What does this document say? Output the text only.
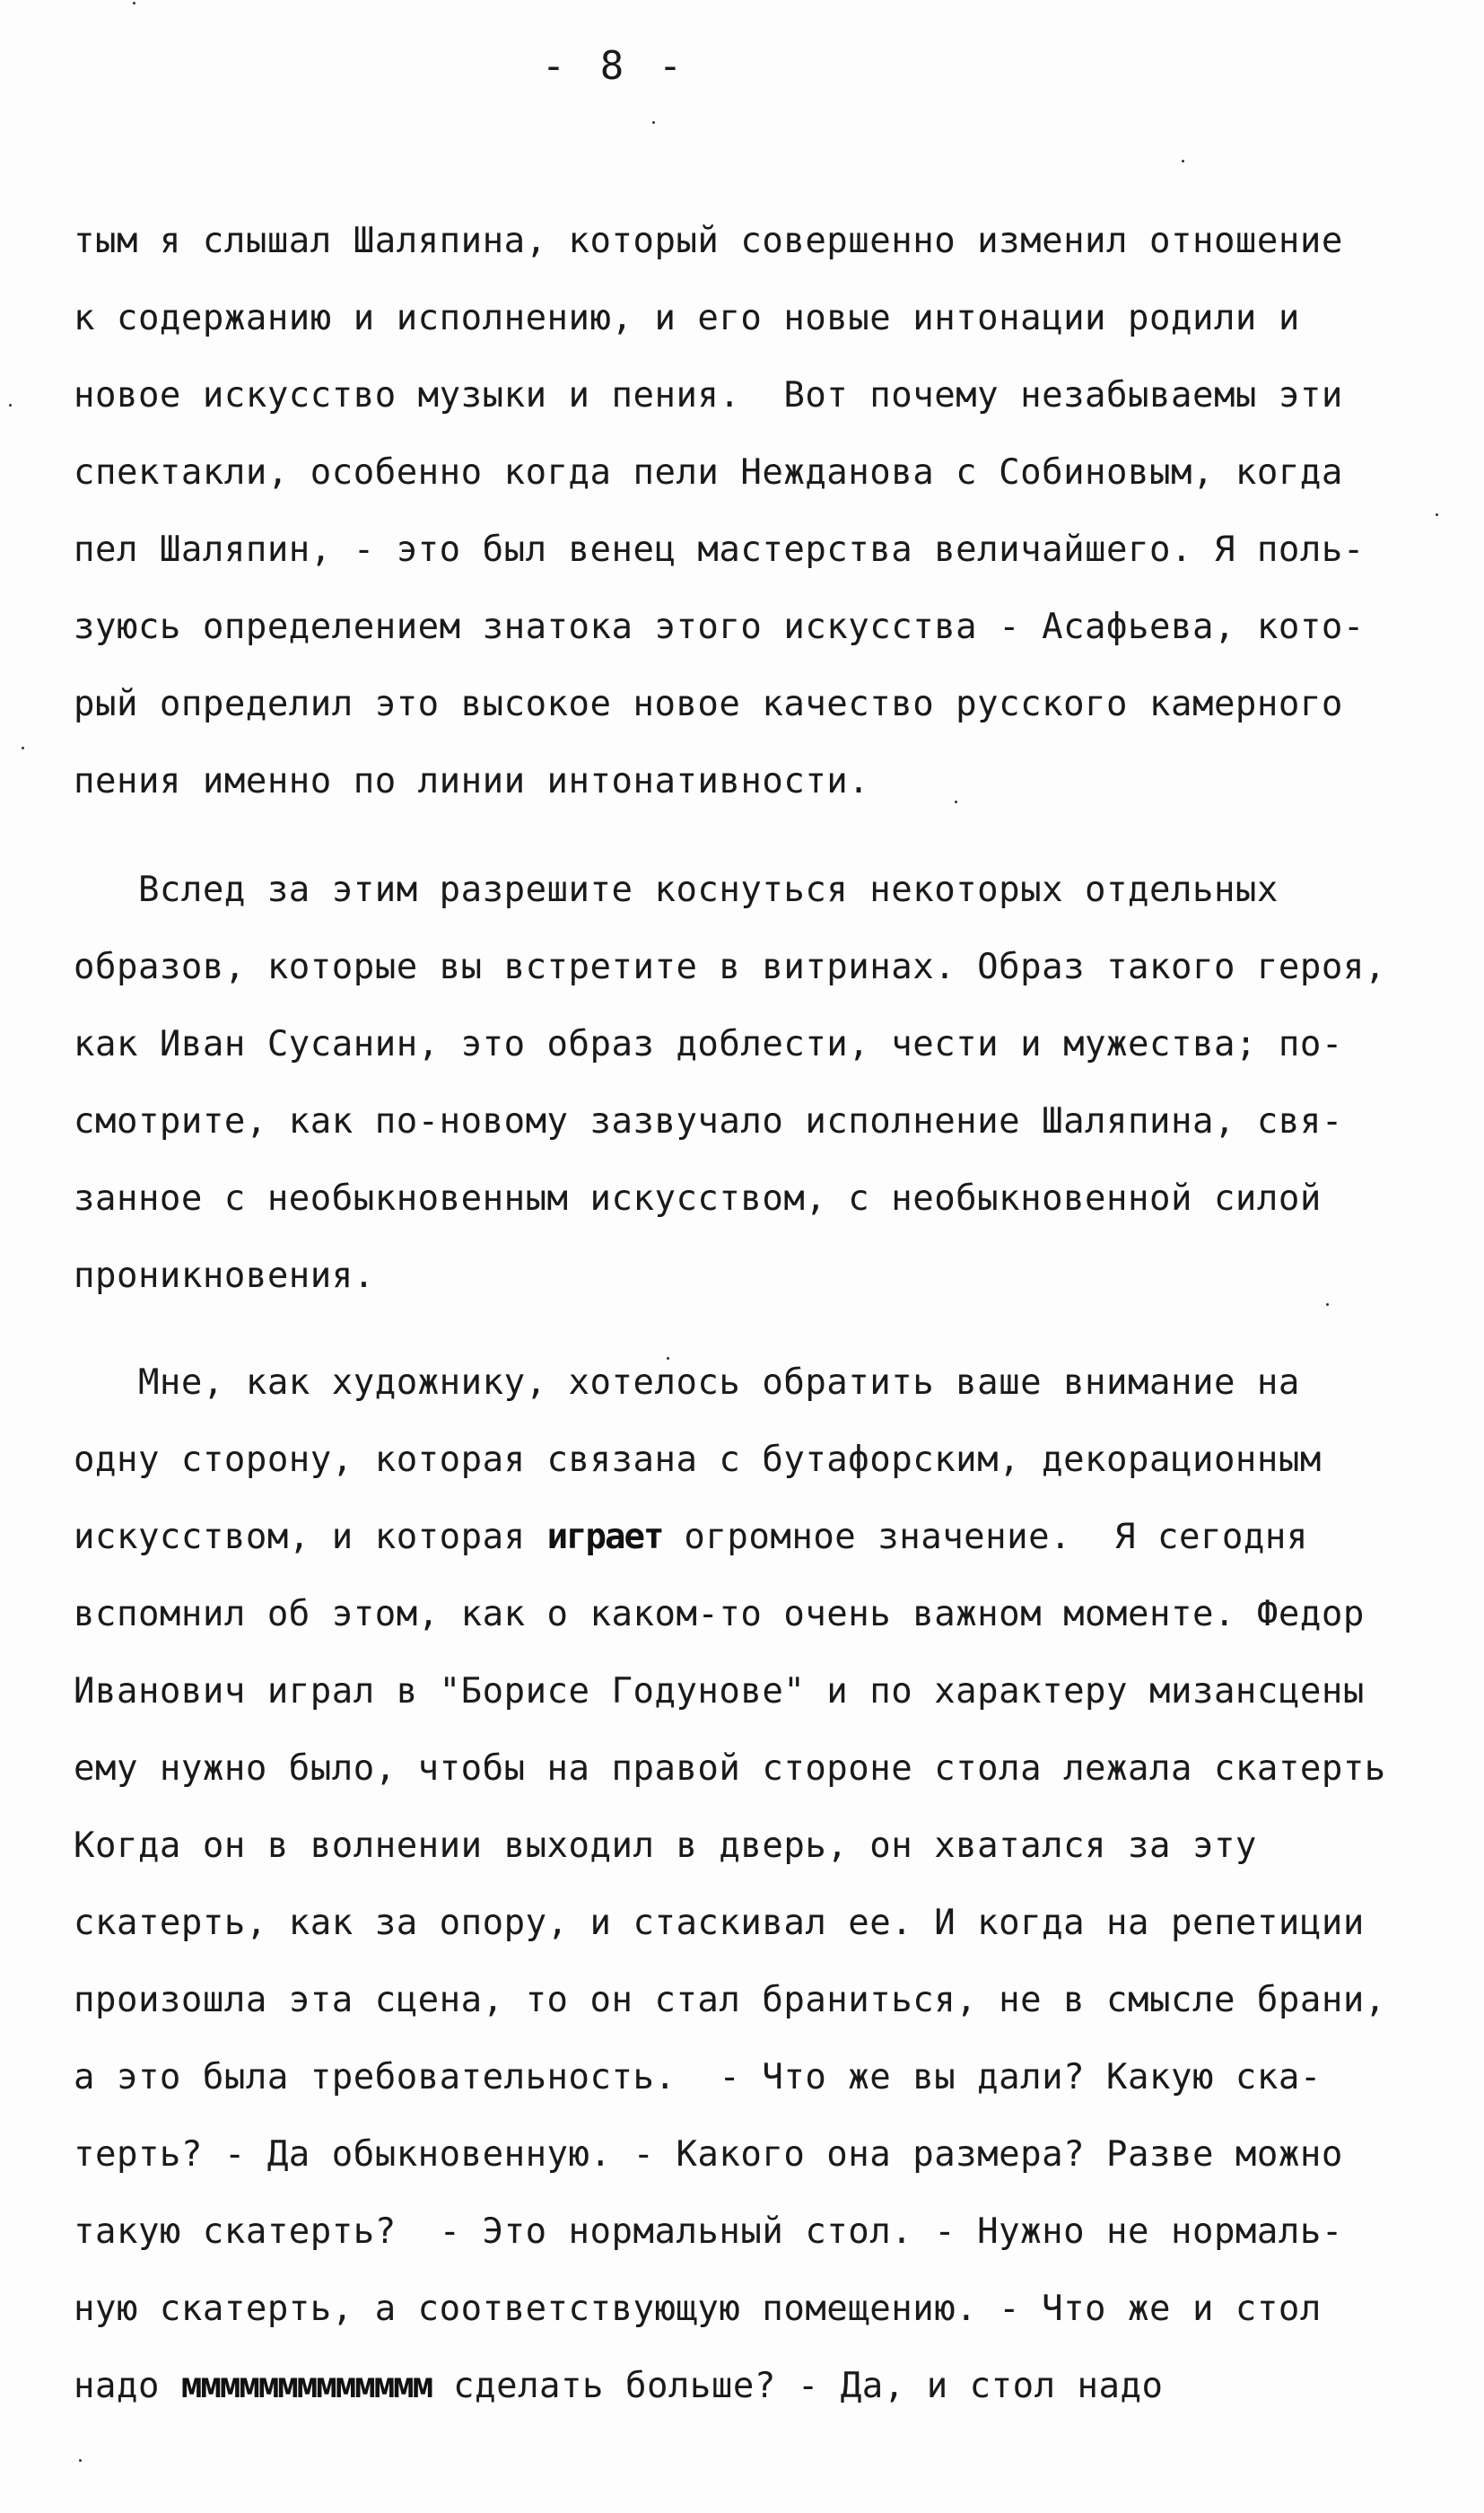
- 8 -
тым я слышал Шаляпина, который совершенно изменил отношение
к содержанию и исполнению, и его новые интонации родили и
новое искусство музыки и пения.  Вот почему незабываемы эти
спектакли, особенно когда пели Нежданова с Собиновым, когда
пел Шаляпин, - это был венец мастерства величайшего. Я поль-
зуюсь определением знатока этого искусства - Асафьева, кото-
рый определил это высокое новое качество русского камерного
пения именно по линии интонативности.
Вслед за этим разрешите коснуться некоторых отдельных
образов, которые вы встретите в витринах. Образ такого героя,
как Иван Сусанин, это образ доблести, чести и мужества; по-
смотрите, как по-новому зазвучало исполнение Шаляпина, свя-
занное с необыкновенным искусством, с необыкновенной силой
проникновения.
Мне, как художнику, хотелось обратить ваше внимание на
одну сторону, которая связана с бутафорским, декорационным
искусством, и которая играет огромное значение.  Я сегодня
вспомнил об этом, как о каком-то очень важном моменте. Федор
Иванович играл в "Борисе Годунове" и по характеру мизансцены
ему нужно было, чтобы на правой стороне стола лежала скатерть
Когда он в волнении выходил в дверь, он хватался за эту
скатерть, как за опору, и стаскивал ее. И когда на репетиции
произошла эта сцена, то он стал браниться, не в смысле брани,
а это была требовательность.  - Что же вы дали? Какую ска-
терть? - Да обыкновенную. - Какого она размера? Разве можно
такую скатерть?  - Это нормальный стол. - Нужно не нормаль-
ную скатерть, а соответствующую помещению. - Что же и стол
надо ммммммммммммм сделать больше? - Да, и стол надо
